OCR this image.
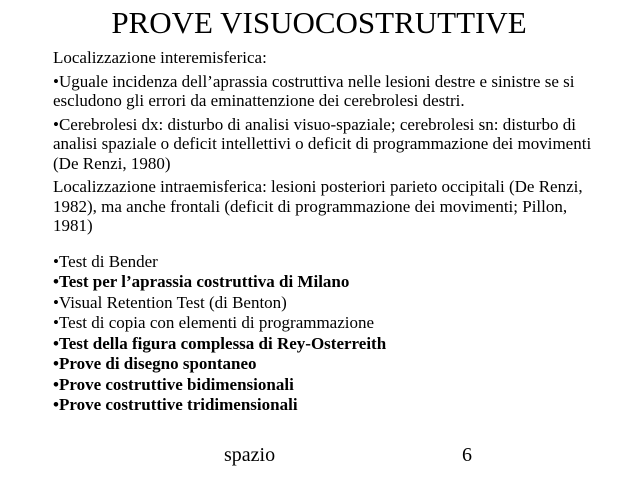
PROVE VISUOCOSTRUTTIVE

Localizzazione interemisferica:

•Uguale incidenza dell’aprassia costruttiva nelle lesioni destre e sinistre se si escludono gli errori da eminattenzione dei cerebrolesi destri.

•Cerebrolesi dx: disturbo di analisi visuo-spaziale; cerebrolesi sn: disturbo di analisi spaziale o deficit intellettivi o deficit di programmazione dei movimenti (De Renzi, 1980)

Localizzazione intraemisferica: lesioni posteriori parieto occipitali (De Renzi, 1982), ma anche frontali (deficit di programmazione dei movimenti; Pillon, 1981)

•Test di Bender

•Test per l’aprassia costruttiva di Milano

•Visual Retention Test (di Benton)

•Test di copia con elementi di programmazione

•Test della figura complessa di Rey-Osterreith

•Prove di disegno spontaneo

•Prove costruttive bidimensionali

•Prove costruttive tridimensionali

spazio	6
